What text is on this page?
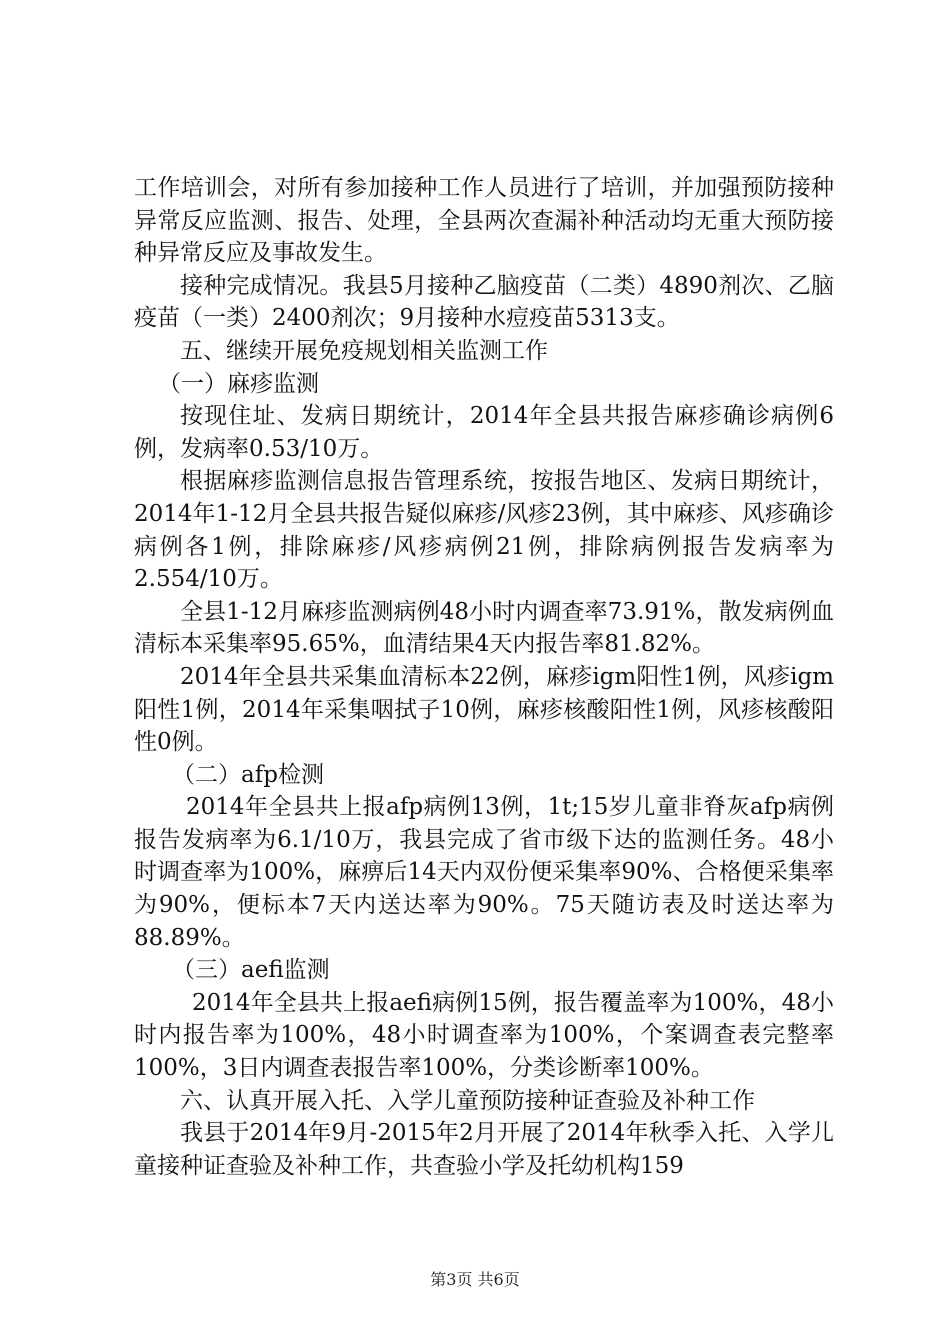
工作培训会，对所有参加接种工作人员进行了培训，并加强预防接种异常反应监测、报告、处理，全县两次查漏补种活动均无重大预防接种异常反应及事故发生。

接种完成情况。我县5月接种乙脑疫苗（二类）4890剂次、乙脑疫苗（一类）2400剂次；9月接种水痘疫苗5313支。

五、继续开展免疫规划相关监测工作

（一）麻疹监测

按现住址、发病日期统计，2014年全县共报告麻疹确诊病例6例，发病率0.53/10万。

根据麻疹监测信息报告管理系统，按报告地区、发病日期统计，2014年1-12月全县共报告疑似麻疹/风疹23例，其中麻疹、风疹确诊病例各1例，排除麻疹/风疹病例21例，排除病例报告发病率为2.554/10万。

全县1-12月麻疹监测病例48小时内调查率73.91%，散发病例血清标本采集率95.65%，血清结果4天内报告率81.82%。

2014年全县共采集血清标本22例，麻疹igm阳性1例，风疹igm阳性1例，2014年采集咽拭子10例，麻疹核酸阳性1例，风疹核酸阳性0例。

（二）afp检测

2014年全县共上报afp病例13例，1t;15岁儿童非脊灰afp病例报告发病率为6.1/10万，我县完成了省市级下达的监测任务。48小时调查率为100%，麻痹后14天内双份便采集率90%、合格便采集率为90%，便标本7天内送达率为90%。75天随访表及时送达率为88.89%。

（三）aefi监测

2014年全县共上报aefi病例15例，报告覆盖率为100%，48小时内报告率为100%，48小时调查率为100%，个案调查表完整率100%，3日内调查表报告率100%，分类诊断率100%。

六、认真开展入托、入学儿童预防接种证查验及补种工作

我县于2014年9月-2015年2月开展了2014年秋季入托、入学儿童接种证查验及补种工作，共查验小学及托幼机构159

第3页 共6页
